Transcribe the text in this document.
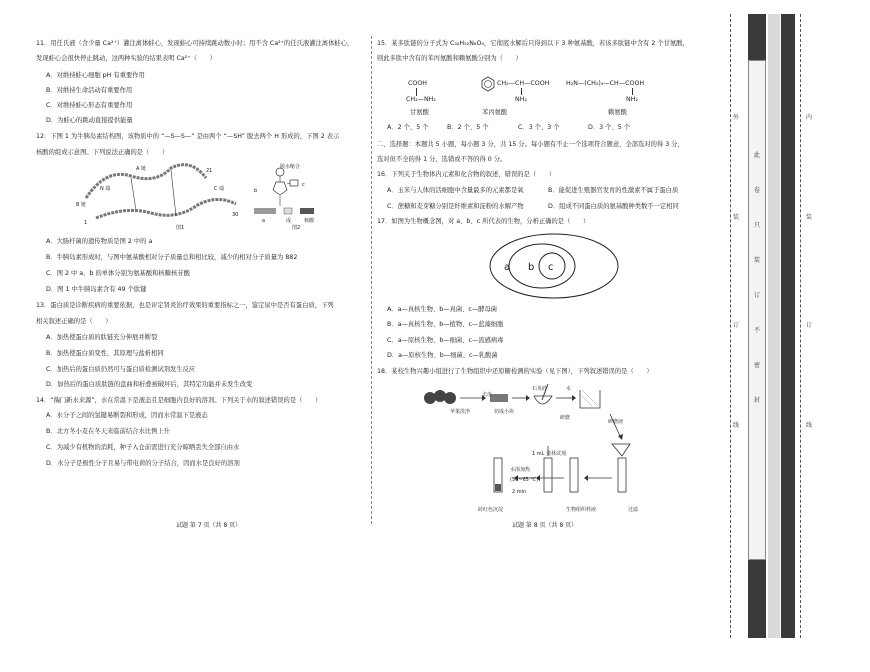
11．用任氏液（含少量 Ca²⁺）灌注离体蛙心，发现蛙心可持续跳动数小时；用不含 Ca²⁺的任氏液灌注离体蛙心，
发现蛙心会很快停止跳动，这两种实验的结果表明 Ca²⁺（　　）
A．对维持蛙心细胞 pH 有重要作用
B．对维持生命活动有重要作用
C．对维持蛙心形态有重要作用
D．为蛙心的跳动直接提供能量
12．下图 1 为牛胰岛素结构图，该物质中的 “—S—S—” 是由两个 “—SH” 脱去两个 H 形成的，下图 2 表示
核酸的组成示意图。下列说法正确的是（　　）
N 端
A 链
C 端
21
B 链
30
1
图1
脱水缩合
a	成	核酸
c
b
图2
A．大肠杆菌的遗传物质是图 2 中的 a
B．牛胰岛素形成时，与图中氨基酸相对分子质量总和相比较，减少的相对分子质量为 882
C．图 2 中 a、b 的单体分别为氨基酸和核糖核苷酸
D．图 1 中牛胰岛素含有 49 个肽键
13．蛋白质是诊断疾病的重要依据，也是评定肾炎治疗效果的重要指标之一，鉴定尿中是否有蛋白质，下列
相关叙述正确的是（　　）
A．加热使蛋白质的肽链充分伸展并断裂
B．加热使蛋白质变性，其原理与盐析相同
C．加热后的蛋白质仍然可与蛋白质检测试剂发生反应
D．加热后的蛋白质肽链的盘曲和折叠被破坏后，其特定功能并未发生改变
14．“揣门新水来源”，水在常温下是液态且是细胞内良好的溶剂。下列关于水的叙述错误的是（　　）
A．水分子之间的氢键易断裂和形成，因而水常温下是液态
B．北方冬小麦在冬天来临前结合水比例上升
C．为减少有机物的消耗，种子入仓前需进行充分晾晒丢失全部自由水
D．水分子是极性分子且易与带电荷的分子结合，因而水是良好的溶剂
试题 第 7 页（共 8 页）
15．某多肽链的分子式为 C₃₂H₅₂N₈O₉，它彻底水解后只得到以下 3 种氨基酸，若该多肽链中含有 2 个甘氨酸，
则此多肽中含有的苯丙氨酸和赖氨酸分别为（　　）
COOH
CH₂—NH₂
甘氨酸
CH₂—CH—COOH
NH₂
苯丙氨酸
H₂N—(CH₂)₄—CH—COOH
NH₂
赖氨酸
A．2 个、5 个	B．2 个、5 个	C．3 个、3 个	D．3 个、5 个
二、选择题：本题共 5 小题，每小题 3 分，共 15 分。每小题有不止一个选项符合题意，全部选对的得 3 分，
选对但不全的得 1 分，选错或不答的得 0 分。
16．下列关于生物体内元素和化合物的叙述，错误的是（　　）
A．玉米与人体的活细胞中含量最多的元素都是氧	B．能促进生殖器官发育的性激素不属于蛋白质
C．蔗糖和麦芽糖分别是纤维素和淀粉的水解产物	D．组成不同蛋白质的氨基酸种类数不一定相同
17．如图为生物概念图，对 a、b、c 所代表的生物，分析正确的是（　　）
a b c
A．a—真核生物、b—真菌、c—酵母菌
B．a—真核生物、b—植物、c—蓝藻细胞
C．a—原核生物、b—细菌、c—流感病毒
D．a—原核生物、b—细菌、c—乳酸菌
18．某校生物兴趣小组进行了生物组织中还原糖检测的实验（见下图），下列叙述错误的是（　　）
苹果洗净
去皮
切成小块
石英砂	水
研磨
研磨液
过滤
生物组织样液
1 mL 斐林试剂
水浴加热
(50~65 ℃)
2 min
砖红色沉淀
试题 第 8 页（共 8 页）
外
装
订
线
此
卷
只
装
订
不
密
封
内
装
订
线
